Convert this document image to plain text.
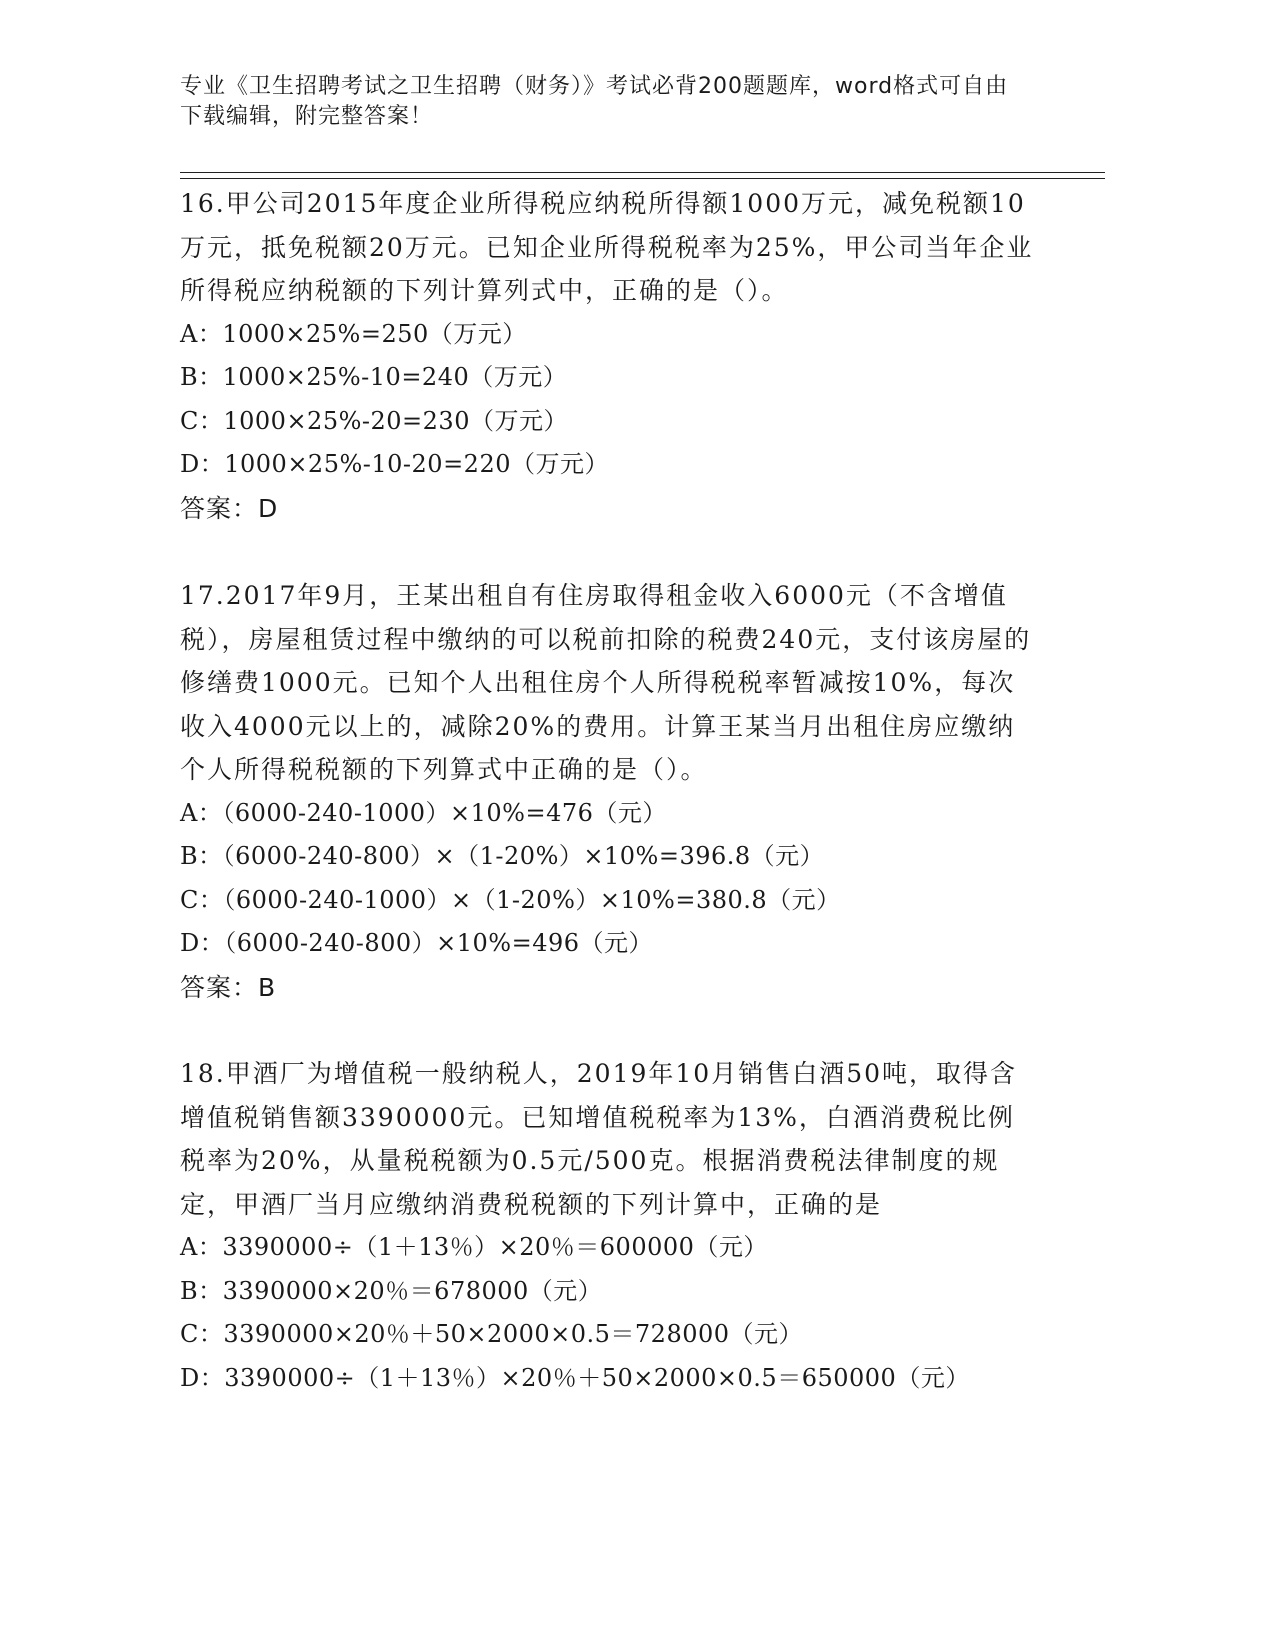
专业《卫生招聘考试之卫生招聘（财务）》考试必背200题题库，word格式可自由下载编辑，附完整答案！
16.甲公司2015年度企业所得税应纳税所得额1000万元，减免税额10万元，抵免税额20万元。已知企业所得税税率为25%，甲公司当年企业所得税应纳税额的下列计算列式中，正确的是（）。
A：1000×25%=250（万元）
B：1000×25%-10=240（万元）
C：1000×25%-20=230（万元）
D：1000×25%-10-20=220（万元）
答案：D
17.2017年9月，王某出租自有住房取得租金收入6000元（不含增值税），房屋租赁过程中缴纳的可以税前扣除的税费240元，支付该房屋的修缮费1000元。已知个人出租住房个人所得税税率暂减按10%，每次收入4000元以上的，减除20%的费用。计算王某当月出租住房应缴纳个人所得税税额的下列算式中正确的是（）。
A：（6000-240-1000）×10%=476（元）
B：（6000-240-800）×（1-20%）×10%=396.8（元）
C：（6000-240-1000）×（1-20%）×10%=380.8（元）
D：（6000-240-800）×10%=496（元）
答案：B
18.甲酒厂为增值税一般纳税人，2019年10月销售白酒50吨，取得含增值税销售额3390000元。已知增值税税率为13%，白酒消费税比例税率为20%，从量税税额为0.5元/500克。根据消费税法律制度的规定，甲酒厂当月应缴纳消费税税额的下列计算中，正确的是
A：3390000÷（1＋13％）×20％＝600000（元）
B：3390000×20％＝678000（元）
C：3390000×20％＋50×2000×0.5＝728000（元）
D：3390000÷（1＋13％）×20％＋50×2000×0.5＝650000（元）
